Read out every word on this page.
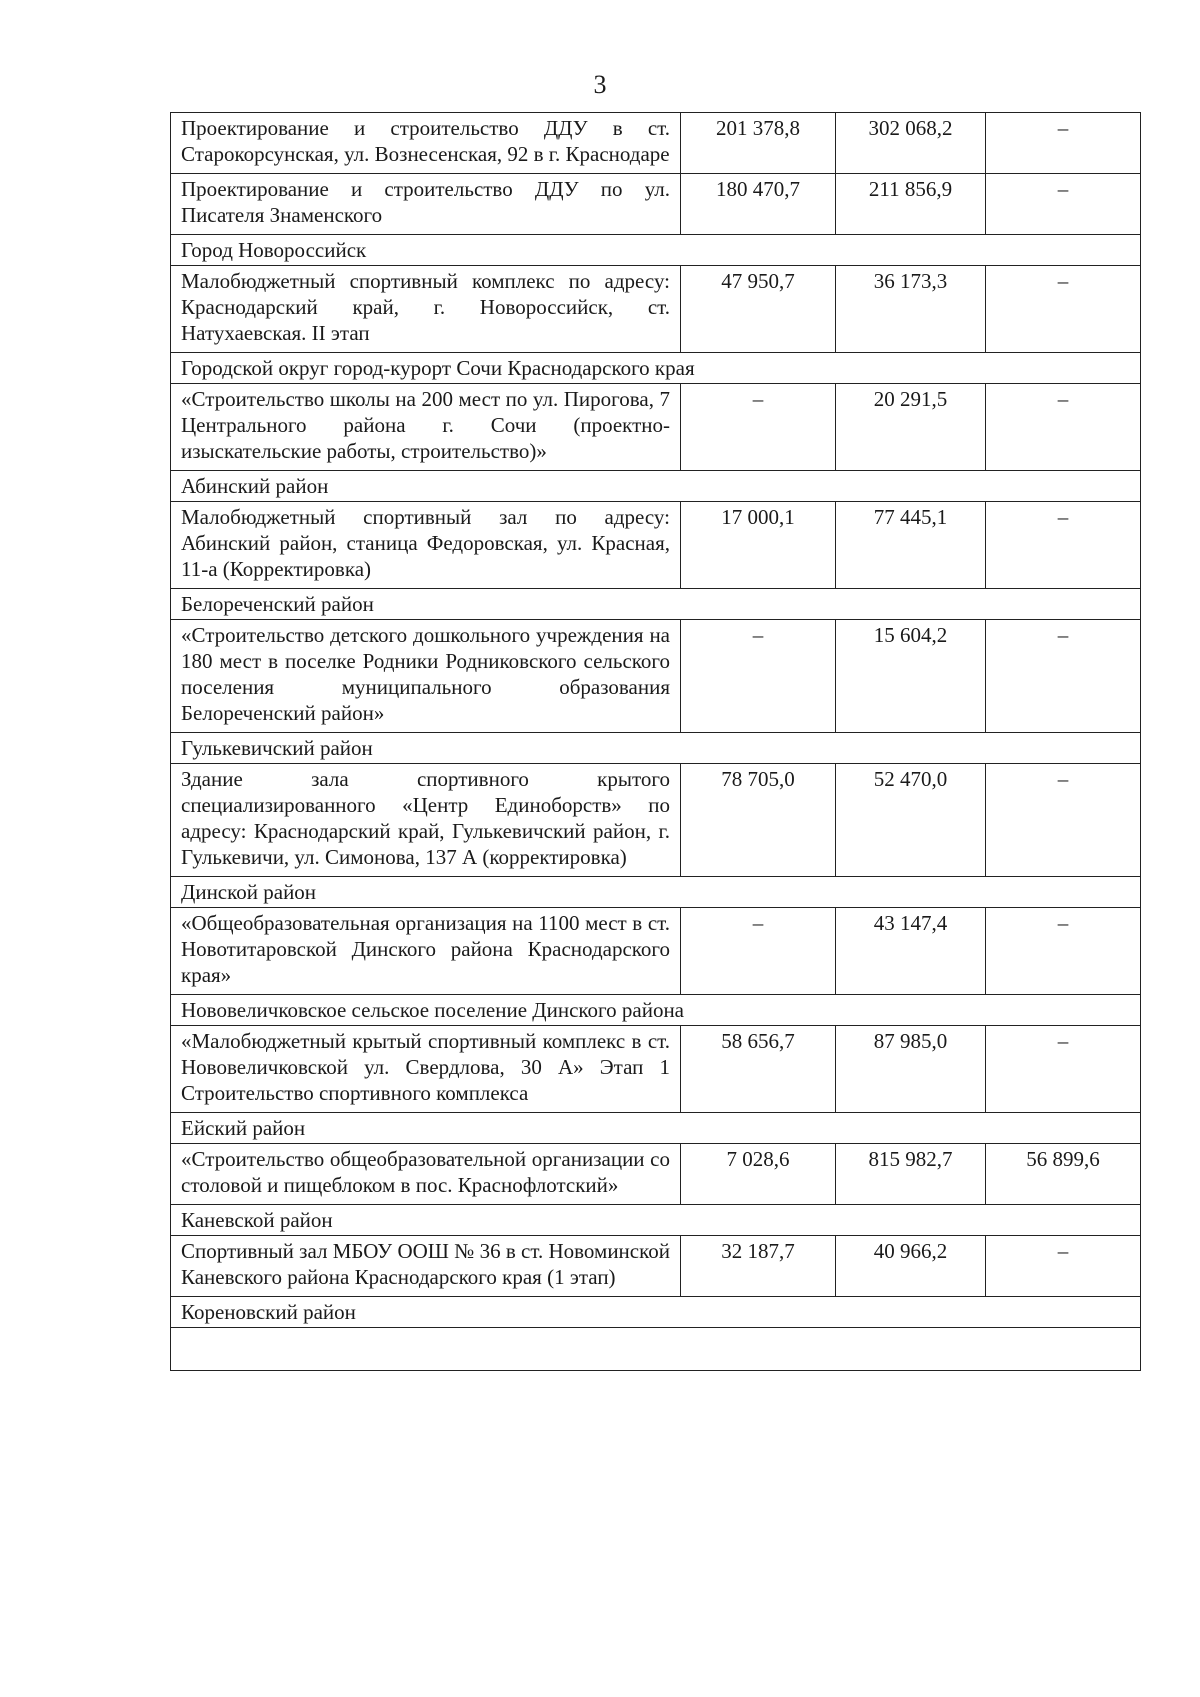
3
Проектирование и строительство ДДУ в ст. Старокорсунская, ул. Вознесенская, 92 в г. Краснодаре	201 378,8	302 068,2	–
Проектирование и строительство ДДУ по ул. Писателя Знаменского	180 470,7	211 856,9	–
Город Новороссийск			
Малобюджетный спортивный комплекс по адресу: Краснодарский край, г. Новороссийск, ст. Натухаевская. II этап	47 950,7	36 173,3	–
Городской округ город-курорт Сочи Краснодарского края			
«Строительство школы на 200 мест по ул. Пирогова, 7 Центрального района г. Сочи (проектно-изыскательские работы, строительство)»	–	20 291,5	–
Абинский район			
Малобюджетный спортивный зал по адресу: Абинский район, станица Федоровская, ул. Красная, 11-а (Корректировка)	17 000,1	77 445,1	–
Белореченский район			
«Строительство детского дошкольного учреждения на 180 мест в поселке Родники Родниковского сельского поселения муниципального образования Белореченский район»	–	15 604,2	–
Гулькевичский район			
Здание зала спортивного крытого специализированного «Центр Единоборств» по адресу: Краснодарский край, Гулькевичский район, г. Гулькевичи, ул. Симонова, 137 А (корректировка)	78 705,0	52 470,0	–
Динской район			
«Общеобразовательная организация на 1100 мест в ст. Новотитаровской Динского района Краснодарского края»	–	43 147,4	–
Нововеличковское сельское поселение Динского района			
«Малобюджетный крытый спортивный комплекс в ст. Нововеличковской ул. Свердлова, 30 А» Этап 1 Строительство спортивного комплекса	58 656,7	87 985,0	–
Ейский район			
«Строительство общеобразовательной организации со столовой и пищеблоком в пос. Краснофлотский»	7 028,6	815 982,7	56 899,6
Каневской район			
Спортивный зал МБОУ ООШ № 36 в ст. Новоминской Каневского района Краснодарского края (1 этап)	32 187,7	40 966,2	–
Кореновский район			
